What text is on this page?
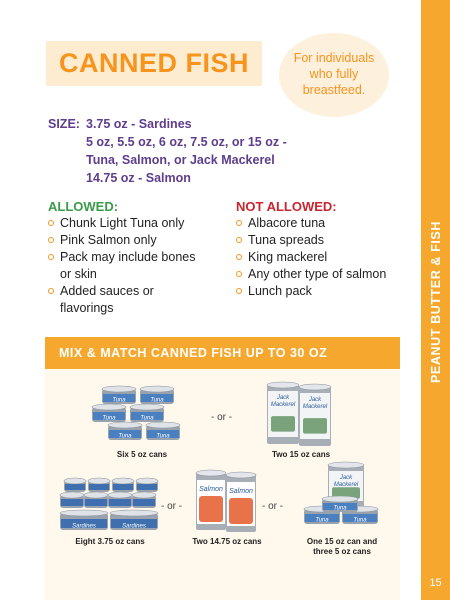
PEANUT BUTTER & FISH
15
CANNED FISH	For individuals
who fully
breastfeed.
SIZE: 3.75 oz - Sardines
5 oz, 5.5 oz, 6 oz, 7.5 oz, or 15 oz -
Tuna, Salmon, or Jack Mackerel
14.75 oz - Salmon
ALLOWED:
Chunk Light Tuna only
Pink Salmon only
Pack may include bones
or skin
Added sauces or
flavorings
NOT ALLOWED:
Albacore tuna
Tuna spreads
King mackerel
Any other type of salmon
Lunch pack
MIX & MATCH CANNED FISH UP TO 30 OZ
Tuna	Tuna
Tuna	Tuna
Tuna	Tuna
Six 5 oz cans
- or -
Jack
Mackerel
Jack
Mackerel
Two 15 oz cans
Sardines	Sardines
Eight 3.75 oz cans
- or -
Salmon Salmon
Two 14.75 oz cans
- or -
Jack
Mackerel
Tuna	Tuna
Tuna
One 15 oz can and
three 5 oz cans
